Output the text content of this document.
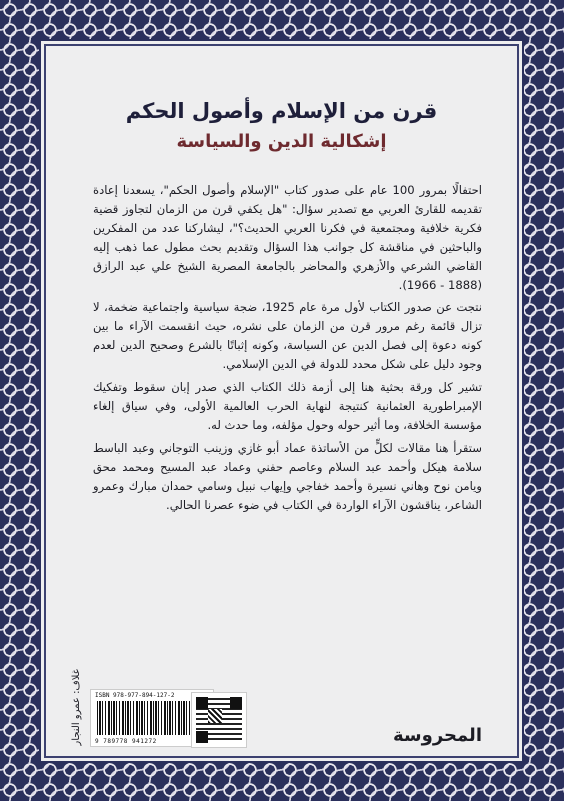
قرن من الإسلام وأصول الحكم
إشكالية الدين والسياسة

احتفالًا بمرور 100 عام على صدور كتاب "الإسلام وأصول الحكم"، يسعدنا إعادة تقديمه للقارئ العربي مع تصدير سؤال: "هل يكفي قرن من الزمان لتجاوز قضية فكرية خلافية ومجتمعية في فكرنا العربي الحديث؟"، ليشاركنا عدد من المفكرين والباحثين في مناقشة كل جوانب هذا السؤال وتقديم بحث مطول عما ذهب إليه القاضي الشرعي والأزهري والمحاضر بالجامعة المصرية الشيخ علي عبد الرازق (1888 - 1966).

نتجت عن صدور الكتاب لأول مرة عام 1925، ضجة سياسية واجتماعية ضخمة، لا تزال قائمة رغم مرور قرن من الزمان على نشره، حيث انقسمت الآراء ما بين كونه دعوة إلى فصل الدين عن السياسة، وكونه إثباتًا بالشرع وصحيح الدين لعدم وجود دليل على شكل محدد للدولة في الدين الإسلامي.

تشير كل ورقة بحثية هنا إلى أزمة ذلك الكتاب الذي صدر إبان سقوط وتفكيك الإمبراطورية العثمانية كنتيجة لنهاية الحرب العالمية الأولى، وفي سياق إلغاء مؤسسة الخلافة، وما أثير حوله وحول مؤلفه، وما حدث له.

ستقرأ هنا مقالات لكلٍّ من الأساتذة عماد أبو غازي وزينب التوجاني وعبد الباسط سلامة هيكل وأحمد عبد السلام وعاصم حفني وعماد عبد المسيح ومحمد محق ويامن نوح وهاني نسيرة وأحمد خفاجي وإيهاب نبيل وسامي حمدان مبارك وعمرو الشاعر، يناقشون الآراء الواردة في الكتاب في ضوء عصرنا الحالي.

غلاف: عمرو النجار ISBN 978-977-894-127-2
9 789778 941272	المحروسة
